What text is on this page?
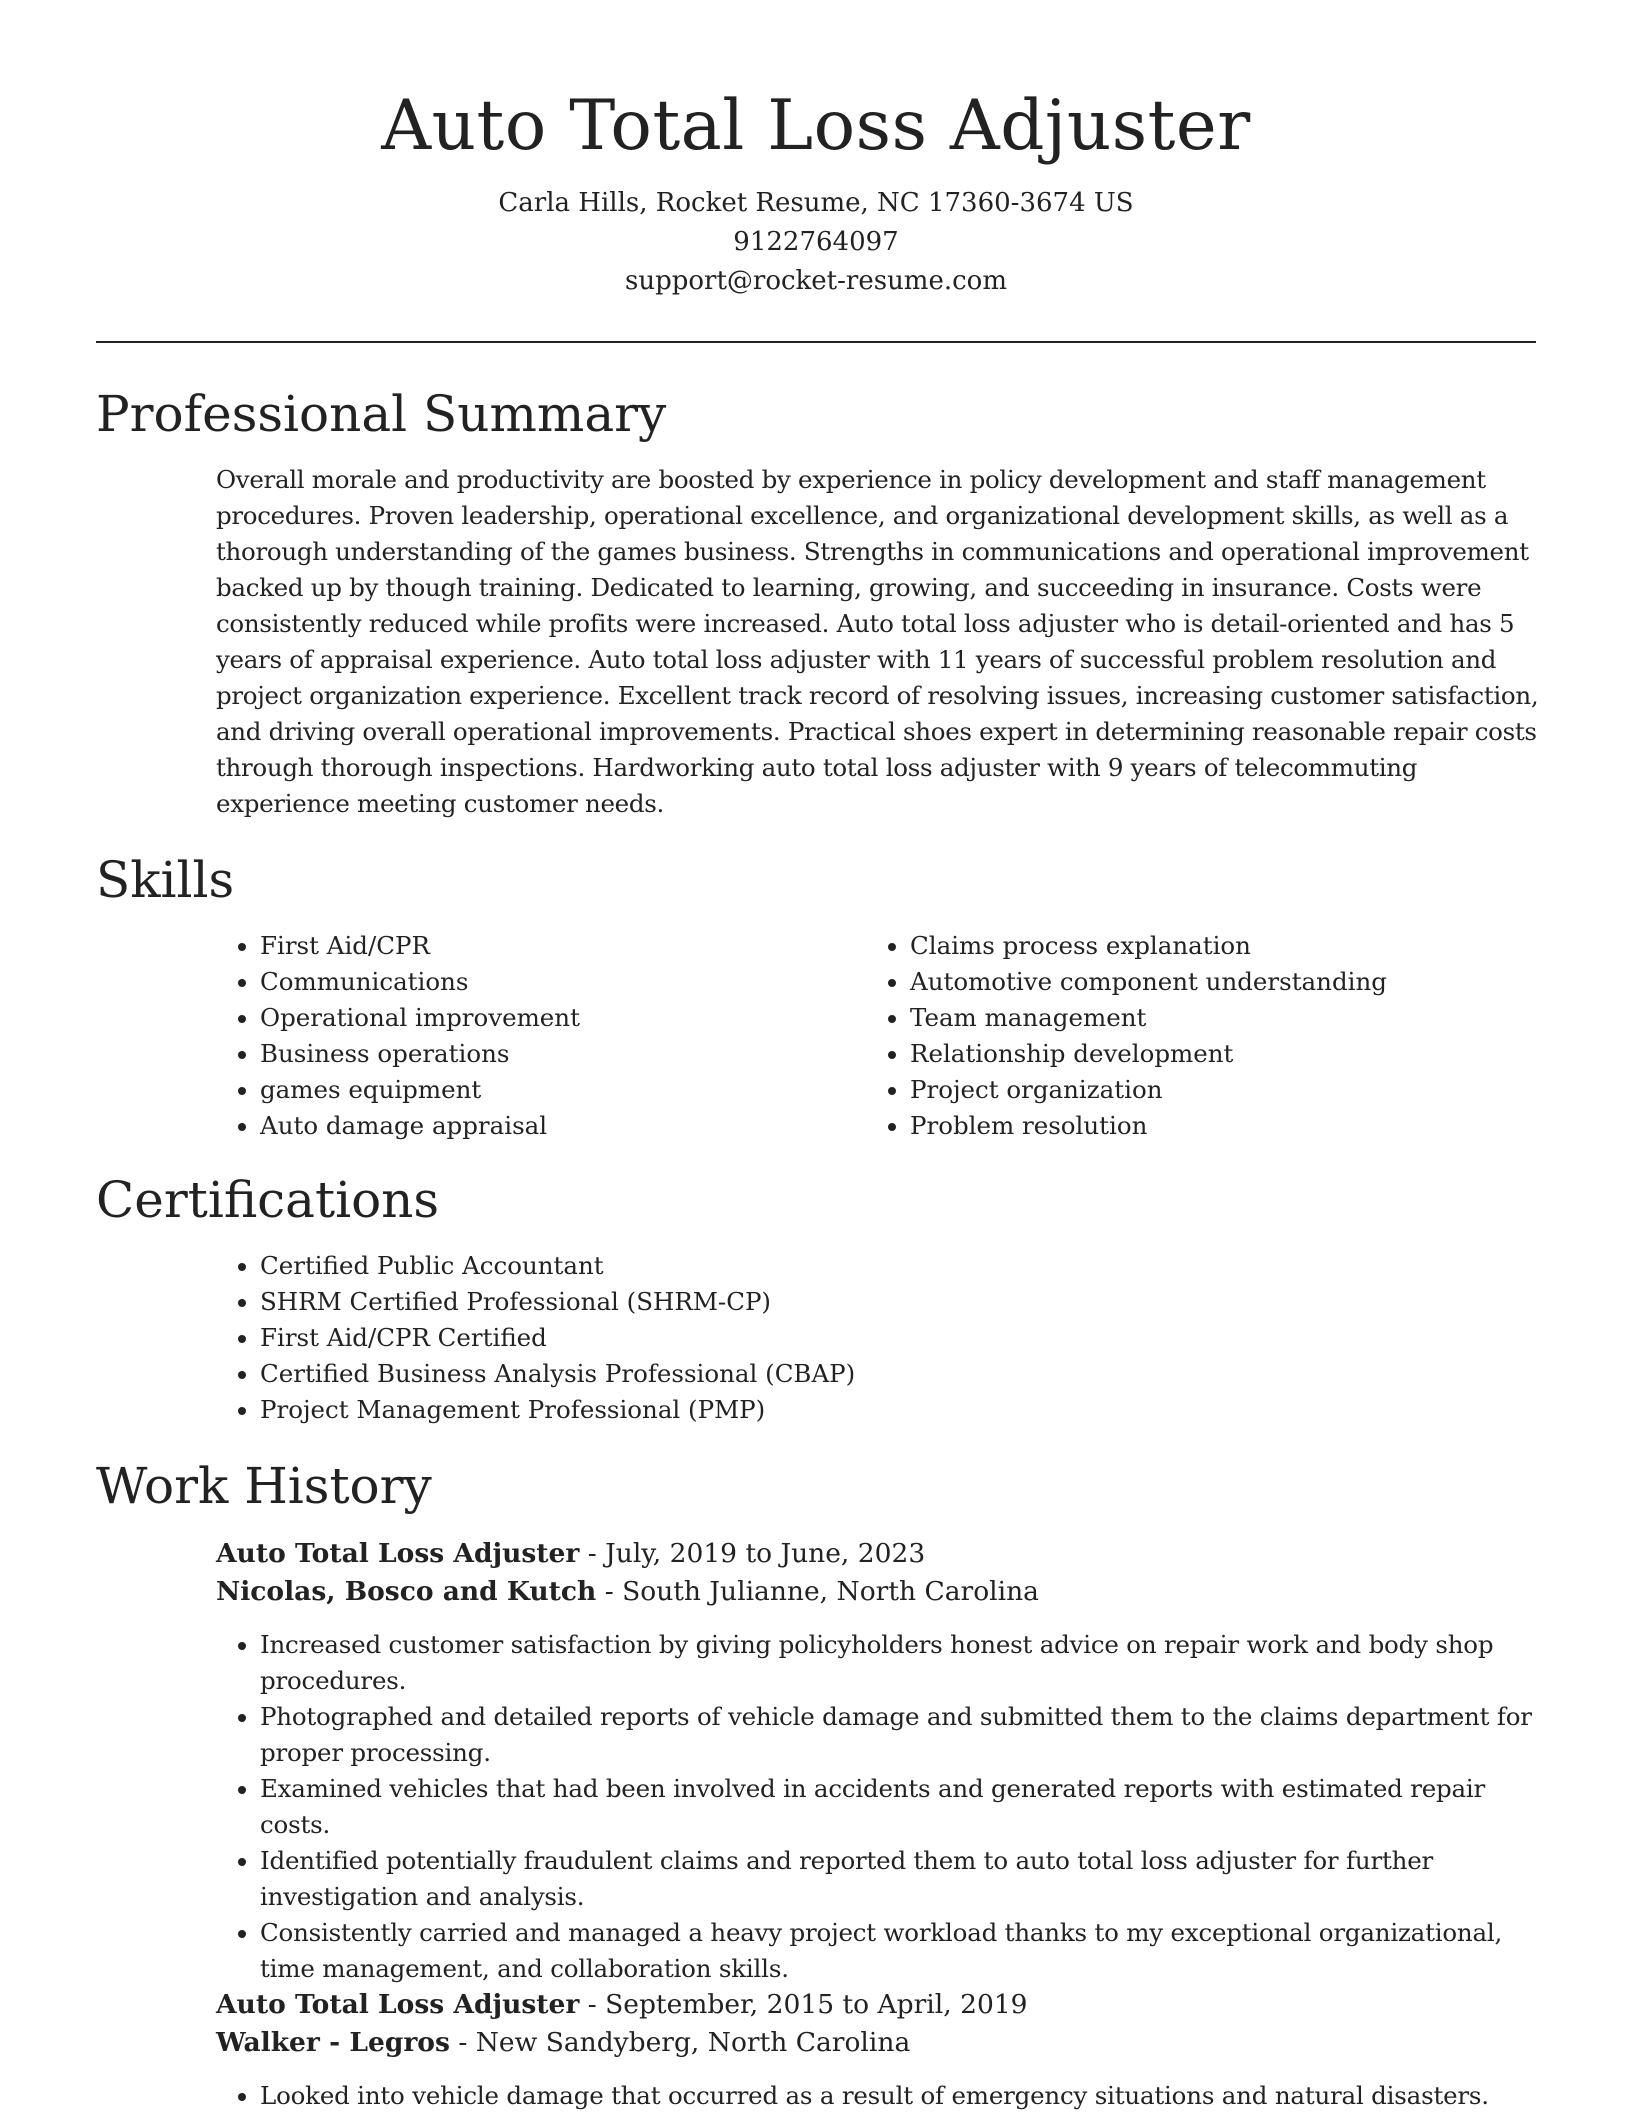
Auto Total Loss Adjuster
Carla Hills, Rocket Resume, NC 17360-3674 US
9122764097
support@rocket-resume.com
Professional Summary

Overall morale and productivity are boosted by experience in policy development and staff management procedures. Proven leadership, operational excellence, and organizational development skills, as well as a thorough understanding of the games business. Strengths in communications and operational improvement backed up by though training. Dedicated to learning, growing, and succeeding in insurance. Costs were consistently reduced while profits were increased. Auto total loss adjuster who is detail-oriented and has 5 years of appraisal experience. Auto total loss adjuster with 11 years of successful problem resolution and project organization experience. Excellent track record of resolving issues, increasing customer satisfaction, and driving overall operational improvements. Practical shoes expert in determining reasonable repair costs through thorough inspections. Hardworking auto total loss adjuster with 9 years of telecommuting experience meeting customer needs.

Skills
• First Aid/CPR
• Communications
• Operational improvement
• Business operations
• games equipment
• Auto damage appraisal
• Claims process explanation
• Automotive component understanding
• Team management
• Relationship development
• Project organization
• Problem resolution
Certifications
• Certified Public Accountant
• SHRM Certified Professional (SHRM-CP)
• First Aid/CPR Certified
• Certified Business Analysis Professional (CBAP)
• Project Management Professional (PMP)
Work History
Auto Total Loss Adjuster - July, 2019 to June, 2023
Nicolas, Bosco and Kutch - South Julianne, North Carolina
• Increased customer satisfaction by giving policyholders honest advice on repair work and body shop procedures.
• Photographed and detailed reports of vehicle damage and submitted them to the claims department for proper processing.
• Examined vehicles that had been involved in accidents and generated reports with estimated repair costs.
• Identified potentially fraudulent claims and reported them to auto total loss adjuster for further investigation and analysis.
• Consistently carried and managed a heavy project workload thanks to my exceptional organizational, time management, and collaboration skills.
Auto Total Loss Adjuster - September, 2015 to April, 2019
Walker - Legros - New Sandyberg, North Carolina
• Looked into vehicle damage that occurred as a result of emergency situations and natural disasters.
